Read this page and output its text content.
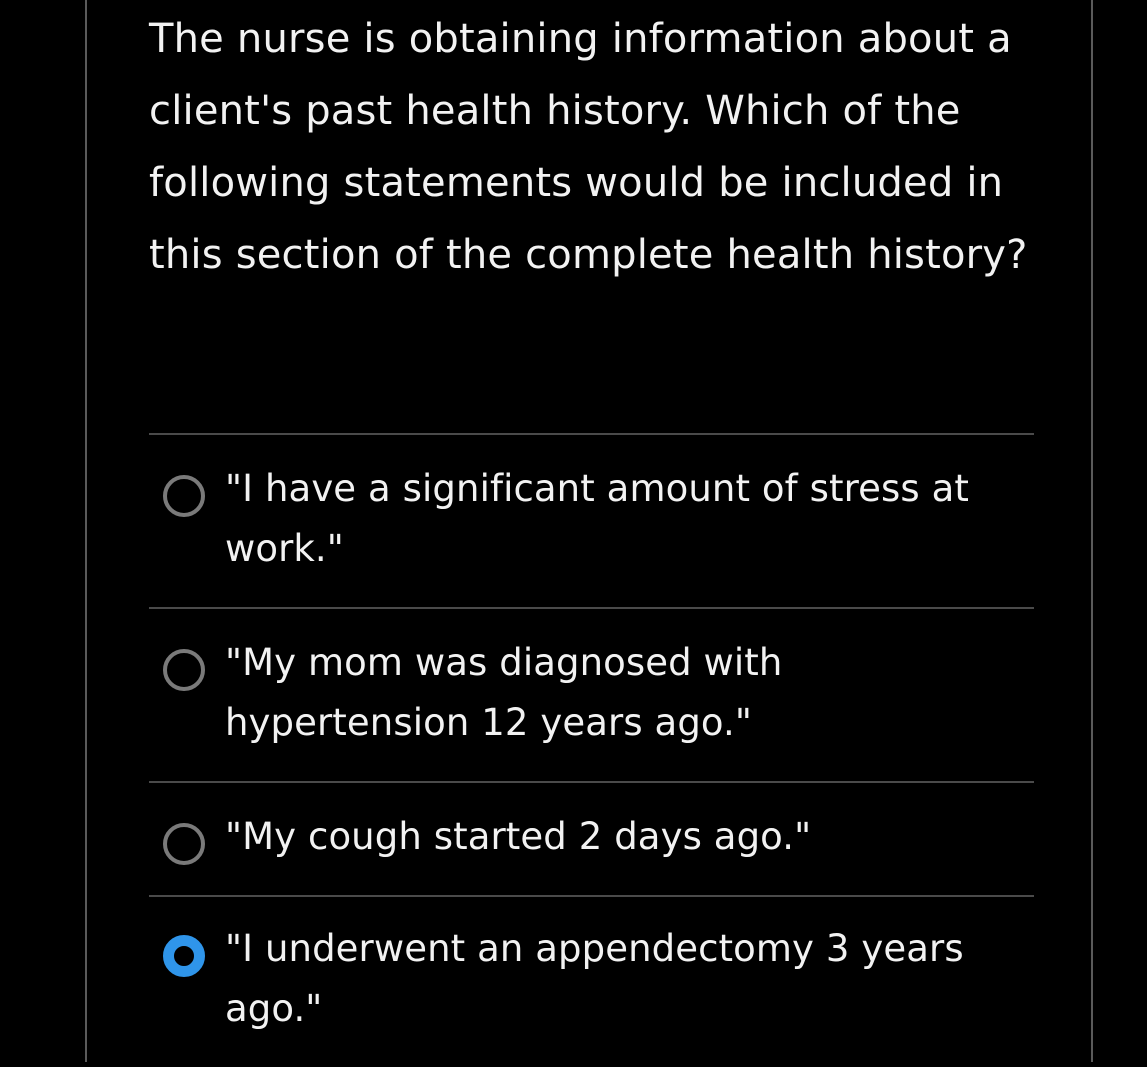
The nurse is obtaining information about a client's past health history. Which of the following statements would be included in this section of the complete health history?

"I have a significant amount of stress at work."
"My mom was diagnosed with hypertension 12 years ago."
"My cough started 2 days ago."
"I underwent an appendectomy 3 years ago."
